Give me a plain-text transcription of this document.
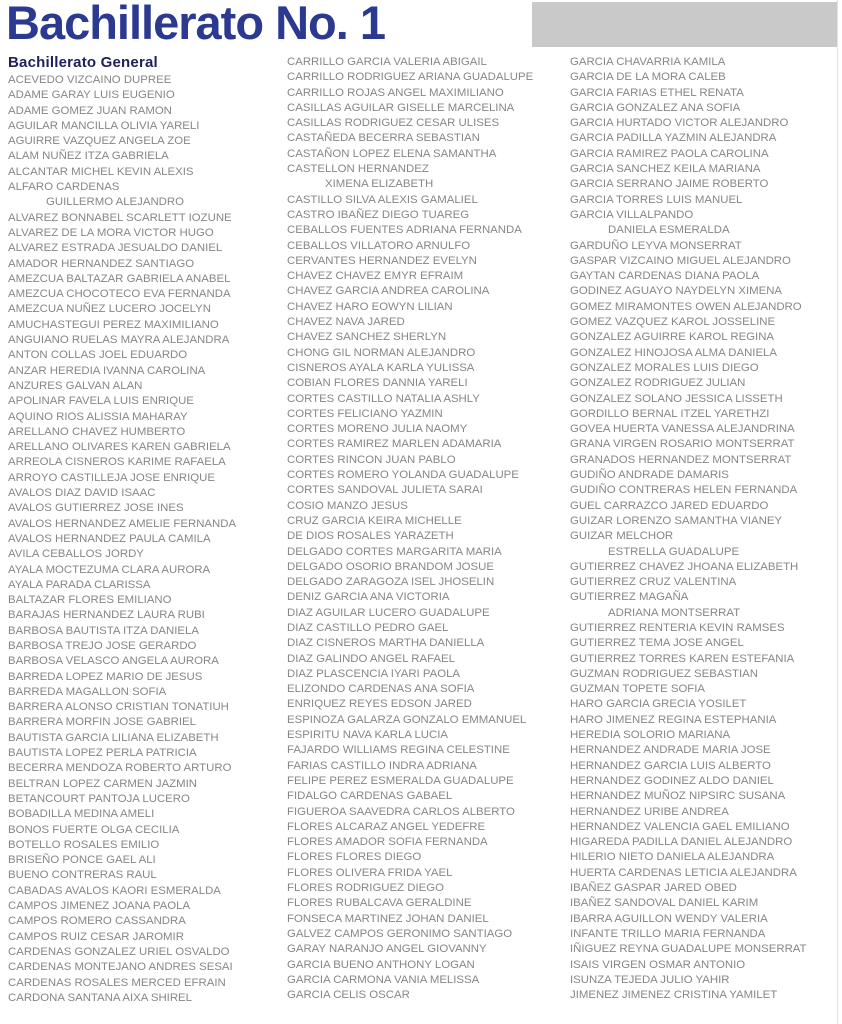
Bachillerato No. 1
Bachillerato General
ACEVEDO VIZCAINO DUPREE
ADAME GARAY LUIS EUGENIO
ADAME GOMEZ JUAN RAMON
AGUILAR MANCILLA OLIVIA YARELI
AGUIRRE VAZQUEZ ANGELA ZOE
ALAM NUÑEZ ITZA GABRIELA
ALCANTAR MICHEL KEVIN ALEXIS
ALFARO CARDENAS
GUILLERMO ALEJANDRO
ALVAREZ BONNABEL SCARLETT IOZUNE
ALVAREZ DE LA MORA VICTOR HUGO
ALVAREZ ESTRADA JESUALDO DANIEL
AMADOR HERNANDEZ SANTIAGO
AMEZCUA BALTAZAR GABRIELA ANABEL
AMEZCUA CHOCOTECO EVA FERNANDA
AMEZCUA NUÑEZ LUCERO JOCELYN
AMUCHASTEGUI PEREZ MAXIMILIANO
ANGUIANO RUELAS MAYRA ALEJANDRA
ANTON COLLAS JOEL EDUARDO
ANZAR HEREDIA IVANNA CAROLINA
ANZURES GALVAN ALAN
APOLINAR FAVELA LUIS ENRIQUE
AQUINO RIOS ALISSIA MAHARAY
ARELLANO CHAVEZ HUMBERTO
ARELLANO OLIVARES KAREN GABRIELA
ARREOLA CISNEROS KARIME RAFAELA
ARROYO CASTILLEJA JOSE ENRIQUE
AVALOS DIAZ DAVID ISAAC
AVALOS GUTIERREZ JOSE INES
AVALOS HERNANDEZ AMELIE FERNANDA
AVALOS HERNANDEZ PAULA CAMILA
AVILA CEBALLOS JORDY
AYALA MOCTEZUMA CLARA AURORA
AYALA PARADA CLARISSA
BALTAZAR FLORES EMILIANO
BARAJAS HERNANDEZ LAURA RUBI
BARBOSA BAUTISTA ITZA DANIELA
BARBOSA TREJO JOSE GERARDO
BARBOSA VELASCO ANGELA AURORA
BARREDA LOPEZ MARIO DE JESUS
BARREDA MAGALLON SOFIA
BARRERA ALONSO CRISTIAN TONATIUH
BARRERA MORFIN JOSE GABRIEL
BAUTISTA GARCIA LILIANA ELIZABETH
BAUTISTA LOPEZ PERLA PATRICIA
BECERRA MENDOZA ROBERTO ARTURO
BELTRAN LOPEZ CARMEN JAZMIN
BETANCOURT PANTOJA LUCERO
BOBADILLA MEDINA AMELI
BONOS FUERTE OLGA CECILIA
BOTELLO ROSALES EMILIO
BRISEÑO PONCE GAEL ALI
BUENO CONTRERAS RAUL
CABADAS AVALOS KAORI ESMERALDA
CAMPOS JIMENEZ JOANA PAOLA
CAMPOS ROMERO CASSANDRA
CAMPOS RUIZ CESAR JAROMIR
CARDENAS GONZALEZ URIEL OSVALDO
CARDENAS MONTEJANO ANDRES SESAI
CARDENAS ROSALES MERCED EFRAIN
CARDONA SANTANA AIXA SHIREL
CARRILLO GARCIA VALERIA ABIGAIL
CARRILLO RODRIGUEZ ARIANA GUADALUPE
CARRILLO ROJAS ANGEL MAXIMILIANO
CASILLAS AGUILAR GISELLE MARCELINA
CASILLAS RODRIGUEZ CESAR ULISES
CASTAÑEDA BECERRA SEBASTIAN
CASTAÑON LOPEZ ELENA SAMANTHA
CASTELLON HERNANDEZ
XIMENA ELIZABETH
CASTILLO SILVA ALEXIS GAMALIEL
CASTRO IBAÑEZ DIEGO TUAREG
CEBALLOS FUENTES ADRIANA FERNANDA
CEBALLOS VILLATORO ARNULFO
CERVANTES HERNANDEZ EVELYN
CHAVEZ CHAVEZ EMYR EFRAIM
CHAVEZ GARCIA ANDREA CAROLINA
CHAVEZ HARO EOWYN LILIAN
CHAVEZ NAVA JARED
CHAVEZ SANCHEZ SHERLYN
CHONG GIL NORMAN ALEJANDRO
CISNEROS AYALA KARLA YULISSA
COBIAN FLORES DANNIA YARELI
CORTES CASTILLO NATALIA ASHLY
CORTES FELICIANO YAZMIN
CORTES MORENO JULIA NAOMY
CORTES RAMIREZ MARLEN ADAMARIA
CORTES RINCON JUAN PABLO
CORTES ROMERO YOLANDA GUADALUPE
CORTES SANDOVAL JULIETA SARAI
COSIO MANZO JESUS
CRUZ GARCIA KEIRA MICHELLE
DE DIOS ROSALES YARAZETH
DELGADO CORTES MARGARITA MARIA
DELGADO OSORIO BRANDOM JOSUE
DELGADO ZARAGOZA ISEL JHOSELIN
DENIZ GARCIA ANA VICTORIA
DIAZ AGUILAR LUCERO GUADALUPE
DIAZ CASTILLO PEDRO GAEL
DIAZ CISNEROS MARTHA DANIELLA
DIAZ GALINDO ANGEL RAFAEL
DIAZ PLASCENCIA IYARI PAOLA
ELIZONDO CARDENAS ANA SOFIA
ENRIQUEZ REYES EDSON JARED
ESPINOZA GALARZA GONZALO EMMANUEL
ESPIRITU NAVA KARLA LUCIA
FAJARDO WILLIAMS REGINA CELESTINE
FARIAS CASTILLO INDRA ADRIANA
FELIPE PEREZ ESMERALDA GUADALUPE
FIDALGO CARDENAS GABAEL
FIGUEROA SAAVEDRA CARLOS ALBERTO
FLORES ALCARAZ ANGEL YEDEFRE
FLORES AMADOR SOFIA FERNANDA
FLORES FLORES DIEGO
FLORES OLIVERA FRIDA YAEL
FLORES RODRIGUEZ DIEGO
FLORES RUBALCAVA GERALDINE
FONSECA MARTINEZ JOHAN DANIEL
GALVEZ CAMPOS GERONIMO SANTIAGO
GARAY NARANJO ANGEL GIOVANNY
GARCIA BUENO ANTHONY LOGAN
GARCIA CARMONA VANIA MELISSA
GARCIA CELIS OSCAR
GARCIA CHAVARRIA KAMILA
GARCIA DE LA MORA CALEB
GARCIA FARIAS ETHEL RENATA
GARCIA GONZALEZ ANA SOFIA
GARCIA HURTADO VICTOR ALEJANDRO
GARCIA PADILLA YAZMIN ALEJANDRA
GARCIA RAMIREZ PAOLA CAROLINA
GARCIA SANCHEZ KEILA MARIANA
GARCIA SERRANO JAIME ROBERTO
GARCIA TORRES LUIS MANUEL
GARCIA VILLALPANDO
DANIELA ESMERALDA
GARDUÑO LEYVA MONSERRAT
GASPAR VIZCAINO MIGUEL ALEJANDRO
GAYTAN CARDENAS DIANA PAOLA
GODINEZ AGUAYO NAYDELYN XIMENA
GOMEZ MIRAMONTES OWEN ALEJANDRO
GOMEZ VAZQUEZ KAROL JOSSELINE
GONZALEZ AGUIRRE KAROL REGINA
GONZALEZ HINOJOSA ALMA DANIELA
GONZALEZ MORALES LUIS DIEGO
GONZALEZ RODRIGUEZ JULIAN
GONZALEZ SOLANO JESSICA LISSETH
GORDILLO BERNAL ITZEL YARETHZI
GOVEA HUERTA VANESSA ALEJANDRINA
GRANA VIRGEN ROSARIO MONTSERRAT
GRANADOS HERNANDEZ MONTSERRAT
GUDIÑO ANDRADE DAMARIS
GUDIÑO CONTRERAS HELEN FERNANDA
GUEL CARRAZCO JARED EDUARDO
GUIZAR LORENZO SAMANTHA VIANEY
GUIZAR MELCHOR
ESTRELLA GUADALUPE
GUTIERREZ CHAVEZ JHOANA ELIZABETH
GUTIERREZ CRUZ VALENTINA
GUTIERREZ MAGAÑA
ADRIANA MONTSERRAT
GUTIERREZ RENTERIA KEVIN RAMSES
GUTIERREZ TEMA JOSE ANGEL
GUTIERREZ TORRES KAREN ESTEFANIA
GUZMAN RODRIGUEZ SEBASTIAN
GUZMAN TOPETE SOFIA
HARO GARCIA GRECIA YOSILET
HARO JIMENEZ REGINA ESTEPHANIA
HEREDIA SOLORIO MARIANA
HERNANDEZ ANDRADE MARIA JOSE
HERNANDEZ GARCIA LUIS ALBERTO
HERNANDEZ GODINEZ ALDO DANIEL
HERNANDEZ MUÑOZ NIPSIRC SUSANA
HERNANDEZ URIBE ANDREA
HERNANDEZ VALENCIA GAEL EMILIANO
HIGAREDA PADILLA DANIEL ALEJANDRO
HILERIO NIETO DANIELA ALEJANDRA
HUERTA CARDENAS LETICIA ALEJANDRA
IBAÑEZ GASPAR JARED OBED
IBAÑEZ SANDOVAL DANIEL KARIM
IBARRA AGUILLON WENDY VALERIA
INFANTE TRILLO MARIA FERNANDA
IÑIGUEZ REYNA GUADALUPE MONSERRAT
ISAIS VIRGEN OSMAR ANTONIO
ISUNZA TEJEDA JULIO YAHIR
JIMENEZ JIMENEZ CRISTINA YAMILET
